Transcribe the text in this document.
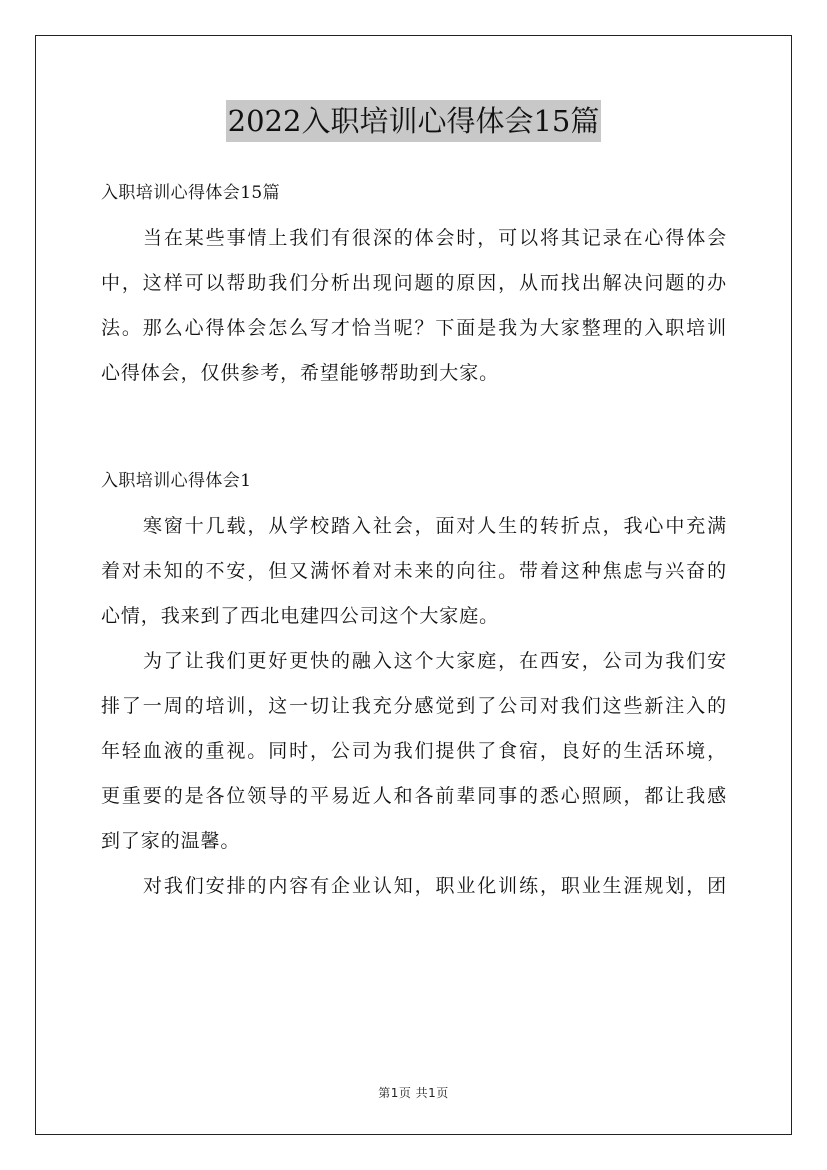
2022入职培训心得体会15篇
入职培训心得体会15篇
当在某些事情上我们有很深的体会时，可以将其记录在心得体会
中，这样可以帮助我们分析出现问题的原因，从而找出解决问题的办
法。那么心得体会怎么写才恰当呢？下面是我为大家整理的入职培训
心得体会，仅供参考，希望能够帮助到大家。
入职培训心得体会1
寒窗十几载，从学校踏入社会，面对人生的转折点，我心中充满
着对未知的不安，但又满怀着对未来的向往。带着这种焦虑与兴奋的
心情，我来到了西北电建四公司这个大家庭。
为了让我们更好更快的融入这个大家庭，在西安，公司为我们安
排了一周的培训，这一切让我充分感觉到了公司对我们这些新注入的
年轻血液的重视。同时，公司为我们提供了食宿，良好的生活环境，
更重要的是各位领导的平易近人和各前辈同事的悉心照顾，都让我感
到了家的温馨。
对我们安排的内容有企业认知，职业化训练，职业生涯规划，团
第1页 共1页
